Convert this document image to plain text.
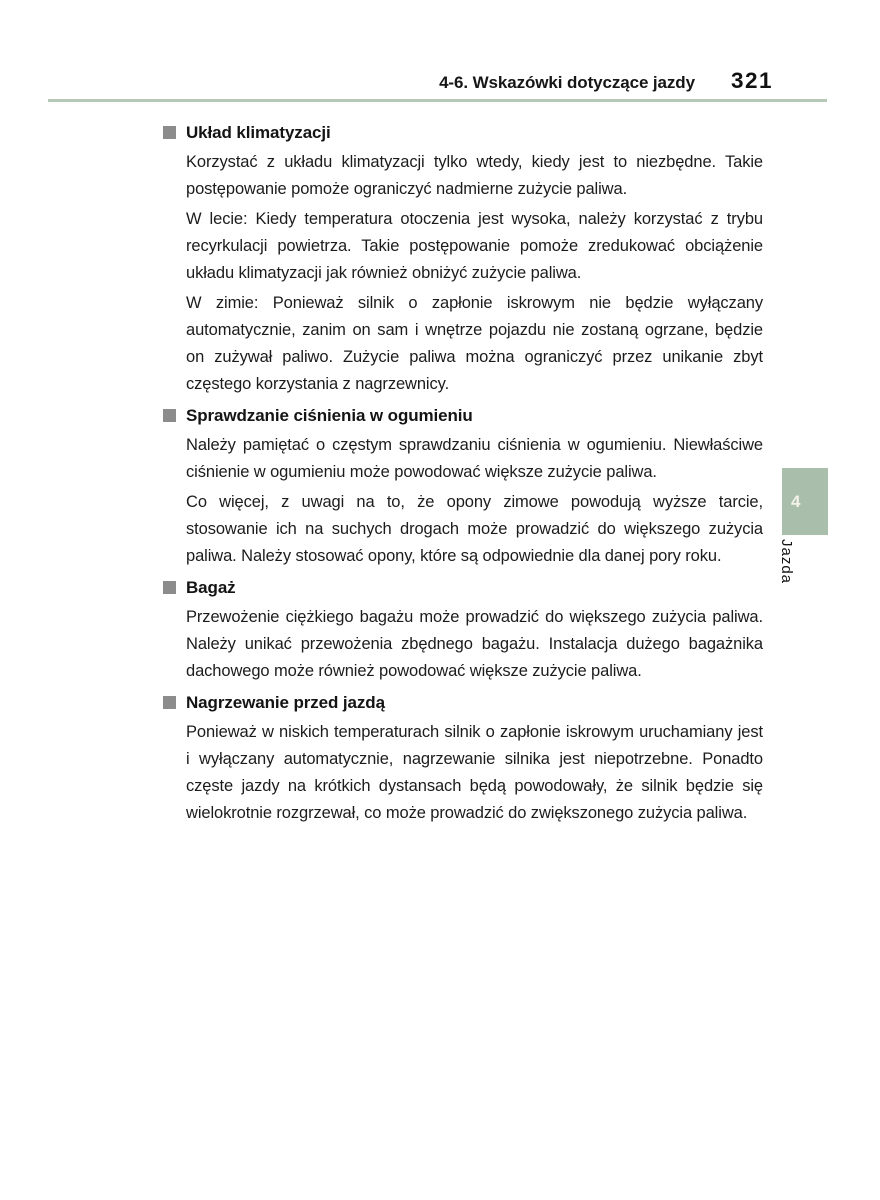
4-6. Wskazówki dotyczące jazdy 321
Układ klimatyzacji

Korzystać z układu klimatyzacji tylko wtedy, kiedy jest to niezbędne. Takie postępowanie pomoże ograniczyć nadmierne zużycie paliwa.

W lecie: Kiedy temperatura otoczenia jest wysoka, należy korzystać z trybu recyrkulacji powietrza. Takie postępowanie pomoże zredukować obciążenie układu klimatyzacji jak również obniżyć zużycie paliwa.

W zimie: Ponieważ silnik o zapłonie iskrowym nie będzie wyłączany automatycznie, zanim on sam i wnętrze pojazdu nie zostaną ogrzane, będzie on zużywał paliwo. Zużycie paliwa można ograniczyć przez unikanie zbyt częstego korzystania z nagrzewnicy.

Sprawdzanie ciśnienia w ogumieniu

Należy pamiętać o częstym sprawdzaniu ciśnienia w ogumieniu. Niewłaściwe ciśnienie w ogumieniu może powodować większe zużycie paliwa.

Co więcej, z uwagi na to, że opony zimowe powodują wyższe tarcie, stosowanie ich na suchych drogach może prowadzić do większego zużycia paliwa. Należy stosować opony, które są odpowiednie dla danej pory roku.

Bagaż

Przewożenie ciężkiego bagażu może prowadzić do większego zużycia paliwa. Należy unikać przewożenia zbędnego bagażu. Instalacja dużego bagażnika dachowego może również powodować większe zużycie paliwa.

Nagrzewanie przed jazdą

Ponieważ w niskich temperaturach silnik o zapłonie iskrowym uruchamiany jest i wyłączany automatycznie, nagrzewanie silnika jest niepotrzebne. Ponadto częste jazdy na krótkich dystansach będą powodowały, że silnik będzie się wielokrotnie rozgrzewał, co może prowadzić do zwiększonego zużycia paliwa.

4
Jazda
